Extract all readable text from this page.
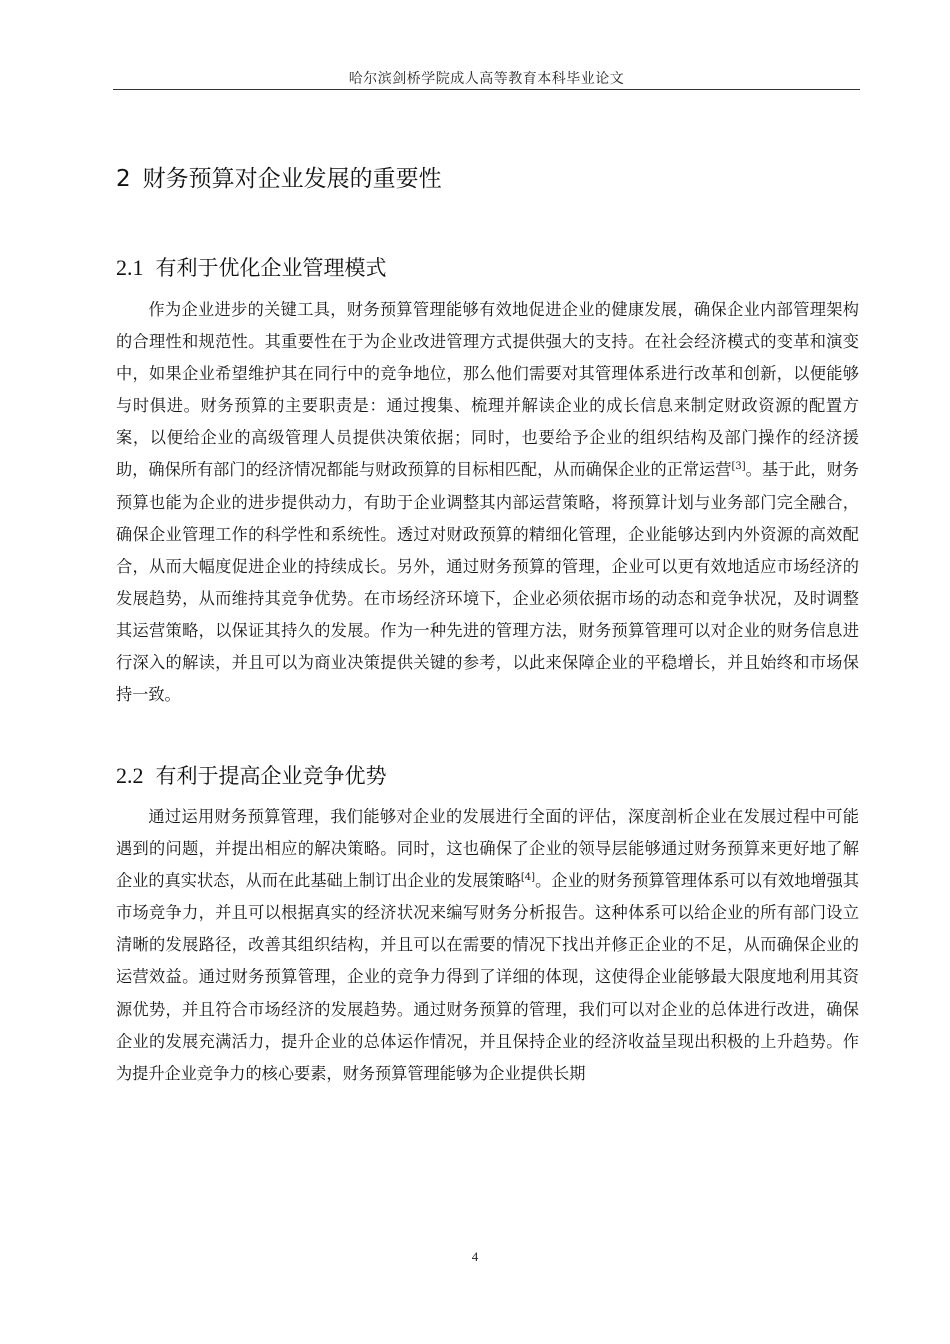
哈尔滨剑桥学院成人高等教育本科毕业论文
2 财务预算对企业发展的重要性
2.1 有利于优化企业管理模式

作为企业进步的关键工具，财务预算管理能够有效地促进企业的健康发展，确保企业内部管理架构的合理性和规范性。其重要性在于为企业改进管理方式提供强大的支持。在社会经济模式的变革和演变中，如果企业希望维护其在同行中的竞争地位，那么他们需要对其管理体系进行改革和创新，以便能够与时俱进。财务预算的主要职责是：通过搜集、梳理并解读企业的成长信息来制定财政资源的配置方案，以便给企业的高级管理人员提供决策依据；同时，也要给予企业的组织结构及部门操作的经济援助，确保所有部门的经济情况都能与财政预算的目标相匹配，从而确保企业的正常运营[3]。基于此，财务预算也能为企业的进步提供动力，有助于企业调整其内部运营策略，将预算计划与业务部门完全融合，确保企业管理工作的科学性和系统性。透过对财政预算的精细化管理，企业能够达到内外资源的高效配合，从而大幅度促进企业的持续成长。另外，通过财务预算的管理，企业可以更有效地适应市场经济的发展趋势，从而维持其竞争优势。在市场经济环境下，企业必须依据市场的动态和竞争状况，及时调整其运营策略，以保证其持久的发展。作为一种先进的管理方法，财务预算管理可以对企业的财务信息进行深入的解读，并且可以为商业决策提供关键的参考，以此来保障企业的平稳增长，并且始终和市场保持一致。

2.2 有利于提高企业竞争优势

通过运用财务预算管理，我们能够对企业的发展进行全面的评估，深度剖析企业在发展过程中可能遇到的问题，并提出相应的解决策略。同时，这也确保了企业的领导层能够通过财务预算来更好地了解企业的真实状态，从而在此基础上制订出企业的发展策略[4]。企业的财务预算管理体系可以有效地增强其市场竞争力，并且可以根据真实的经济状况来编写财务分析报告。这种体系可以给企业的所有部门设立清晰的发展路径，改善其组织结构，并且可以在需要的情况下找出并修正企业的不足，从而确保企业的运营效益。通过财务预算管理，企业的竞争力得到了详细的体现，这使得企业能够最大限度地利用其资源优势，并且符合市场经济的发展趋势。通过财务预算的管理，我们可以对企业的总体进行改进，确保企业的发展充满活力，提升企业的总体运作情况，并且保持企业的经济收益呈现出积极的上升趋势。作为提升企业竞争力的核心要素，财务预算管理能够为企业提供长期

4
